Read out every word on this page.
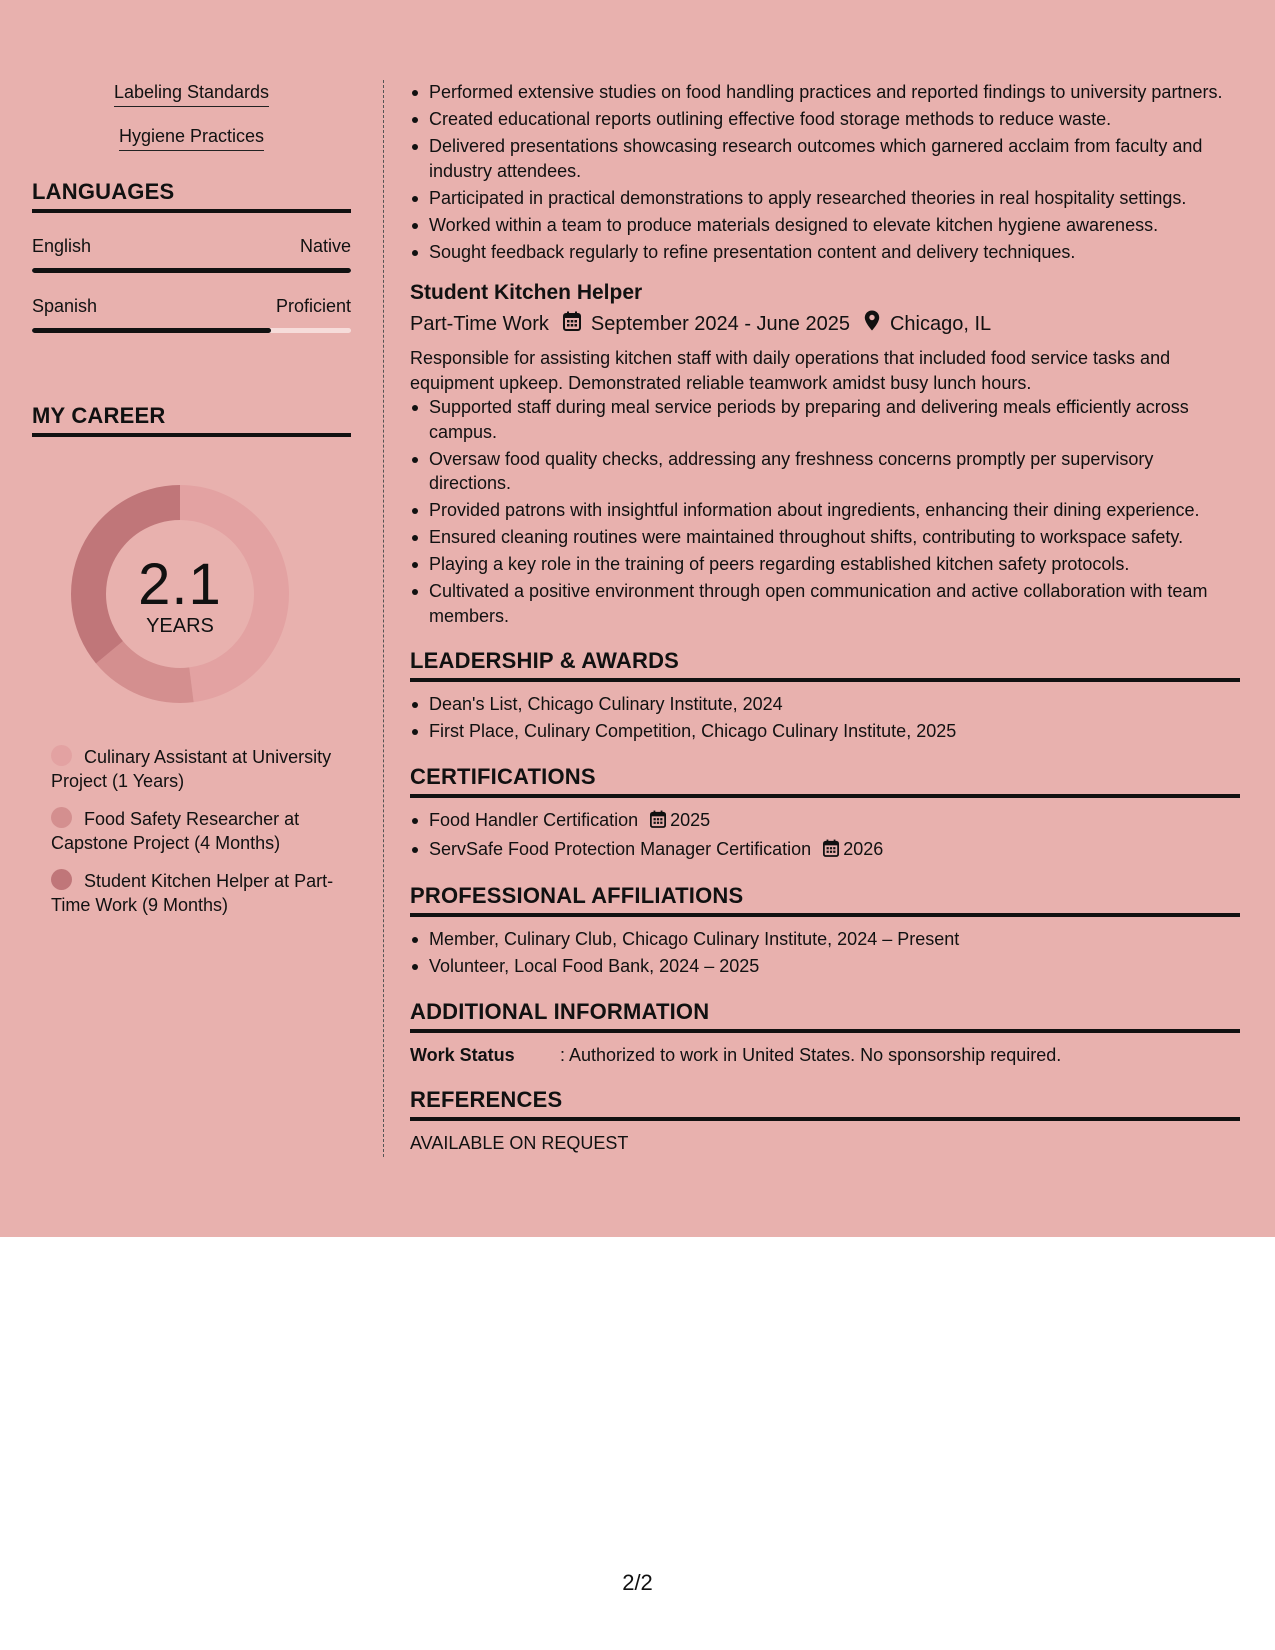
Labeling Standards
Hygiene Practices
LANGUAGES
English	Native
Spanish	Proficient
MY CAREER
2.1
YEARS
Culinary Assistant at University Project (1 Years)
Food Safety Researcher at Capstone Project (4 Months)
Student Kitchen Helper at Part-Time Work (9 Months)
Performed extensive studies on food handling practices and reported findings to university partners.
Created educational reports outlining effective food storage methods to reduce waste.
Delivered presentations showcasing research outcomes which garnered acclaim from faculty and industry attendees.
Participated in practical demonstrations to apply researched theories in real hospitality settings.
Worked within a team to produce materials designed to elevate kitchen hygiene awareness.
Sought feedback regularly to refine presentation content and delivery techniques.
Student Kitchen Helper
Part-Time Work September 2024 - June 2025 Chicago, IL
Responsible for assisting kitchen staff with daily operations that included food service tasks and equipment upkeep. Demonstrated reliable teamwork amidst busy lunch hours.
Supported staff during meal service periods by preparing and delivering meals efficiently across campus.
Oversaw food quality checks, addressing any freshness concerns promptly per supervisory directions.
Provided patrons with insightful information about ingredients, enhancing their dining experience.
Ensured cleaning routines were maintained throughout shifts, contributing to workspace safety.
Playing a key role in the training of peers regarding established kitchen safety protocols.
Cultivated a positive environment through open communication and active collaboration with team members.
LEADERSHIP & AWARDS
Dean's List, Chicago Culinary Institute, 2024
First Place, Culinary Competition, Chicago Culinary Institute, 2025
CERTIFICATIONS
Food Handler Certification 2025
ServSafe Food Protection Manager Certification 2026
PROFESSIONAL AFFILIATIONS
Member, Culinary Club, Chicago Culinary Institute, 2024 – Present
Volunteer, Local Food Bank, 2024 – 2025
ADDITIONAL INFORMATION
Work Status	: Authorized to work in United States. No sponsorship required.
REFERENCES
AVAILABLE ON REQUEST
2/2
